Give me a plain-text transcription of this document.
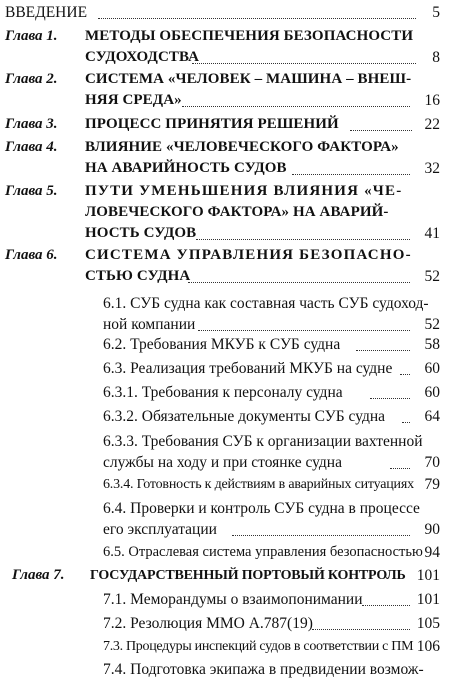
ВВЕДЕНИЕ	5
Глава 1.	МЕТОДЫ ОБЕСПЕЧЕНИЯ БЕЗОПАСНОСТИ
СУДОХОДСТВА	8
Глава 2.	СИСТЕМА «ЧЕЛОВЕК – МАШИНА – ВНЕШ-
НЯЯ СРЕДА»	16
Глава 3.	ПРОЦЕСС ПРИНЯТИЯ РЕШЕНИЙ	22
Глава 4.	ВЛИЯНИЕ «ЧЕЛОВЕЧЕСКОГО ФАКТОРА»
НА АВАРИЙНОСТЬ СУДОВ	32
Глава 5.	ПУТИ УМЕНЬШЕНИЯ ВЛИЯНИЯ «ЧЕ-
ЛОВЕЧЕСКОГО ФАКТОРА» НА АВАРИЙ-
НОСТЬ СУДОВ	41
Глава 6.	СИСТЕМА УПРАВЛЕНИЯ БЕЗОПАСНО-
СТЬЮ СУДНА	52
6.1. СУБ судна как составная часть СУБ судоход-
ной компании	52
6.2. Требования МКУБ к СУБ судна	58
6.3. Реализация требований МКУБ на судне	60
6.3.1. Требования к персоналу судна	60
6.3.2. Обязательные документы СУБ судна	64
6.3.3. Требования СУБ к организации вахтенной
службы на ходу и при стоянке судна	70
6.3.4. Готовность к действиям в аварийных ситуациях 79
6.4. Проверки и контроль СУБ судна в процессе
его эксплуатации	90
6.5. Отраслевая система управления безопасностью 94
Глава 7.	ГОСУДАРСТВЕННЫЙ ПОРТОВЫЙ КОНТРОЛЬ 101
7.1. Меморандумы о взаимопонимании	101
7.2. Резолюция ММО А.787(19)	105
7.3. Процедуры инспекций судов в соответствии с ПМ 106
7.4. Подготовка экипажа в предвидении возмож-
